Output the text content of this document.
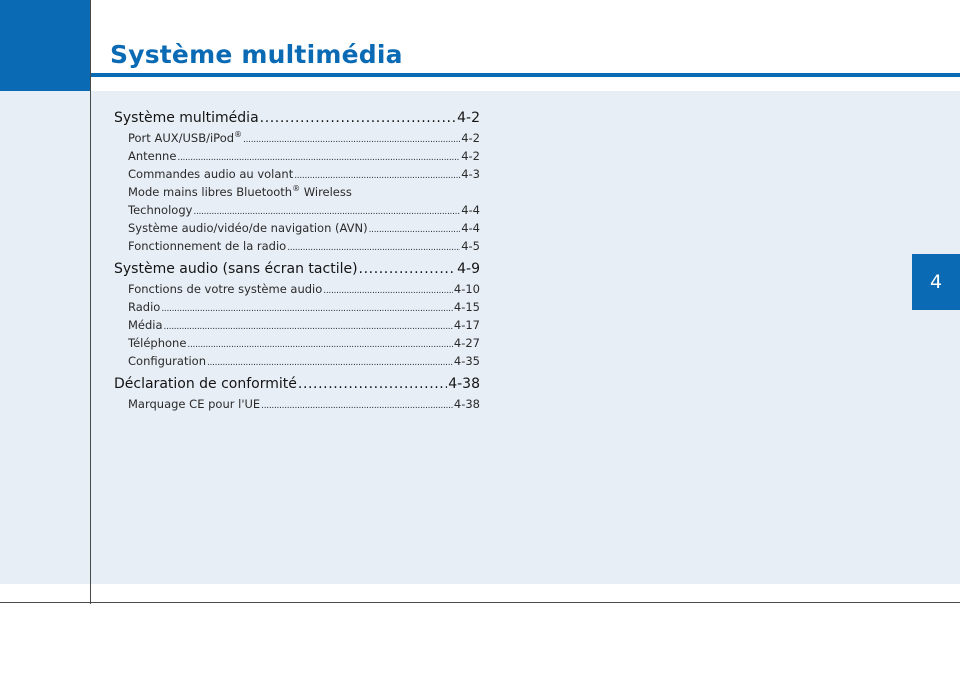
Système multimédia
4
Système multimédia .....	4-2
Port AUX/USB/iPod® .....	4-2
Antenne .....	4-2
Commandes audio au volant .....	4-3
Mode mains libres Bluetooth® Wireless
Technology .....	4-4
Système audio/vidéo/de navigation (AVN) .....	4-4
Fonctionnement de la radio .....	4-5
Système audio (sans écran tactile) .....	4-9
Fonctions de votre système audio .....	4-10
Radio .....	4-15
Média .....	4-17
Téléphone .....	4-27
Configuration .....	4-35
Déclaration de conformité .....	4-38
Marquage CE pour l'UE .....	4-38
